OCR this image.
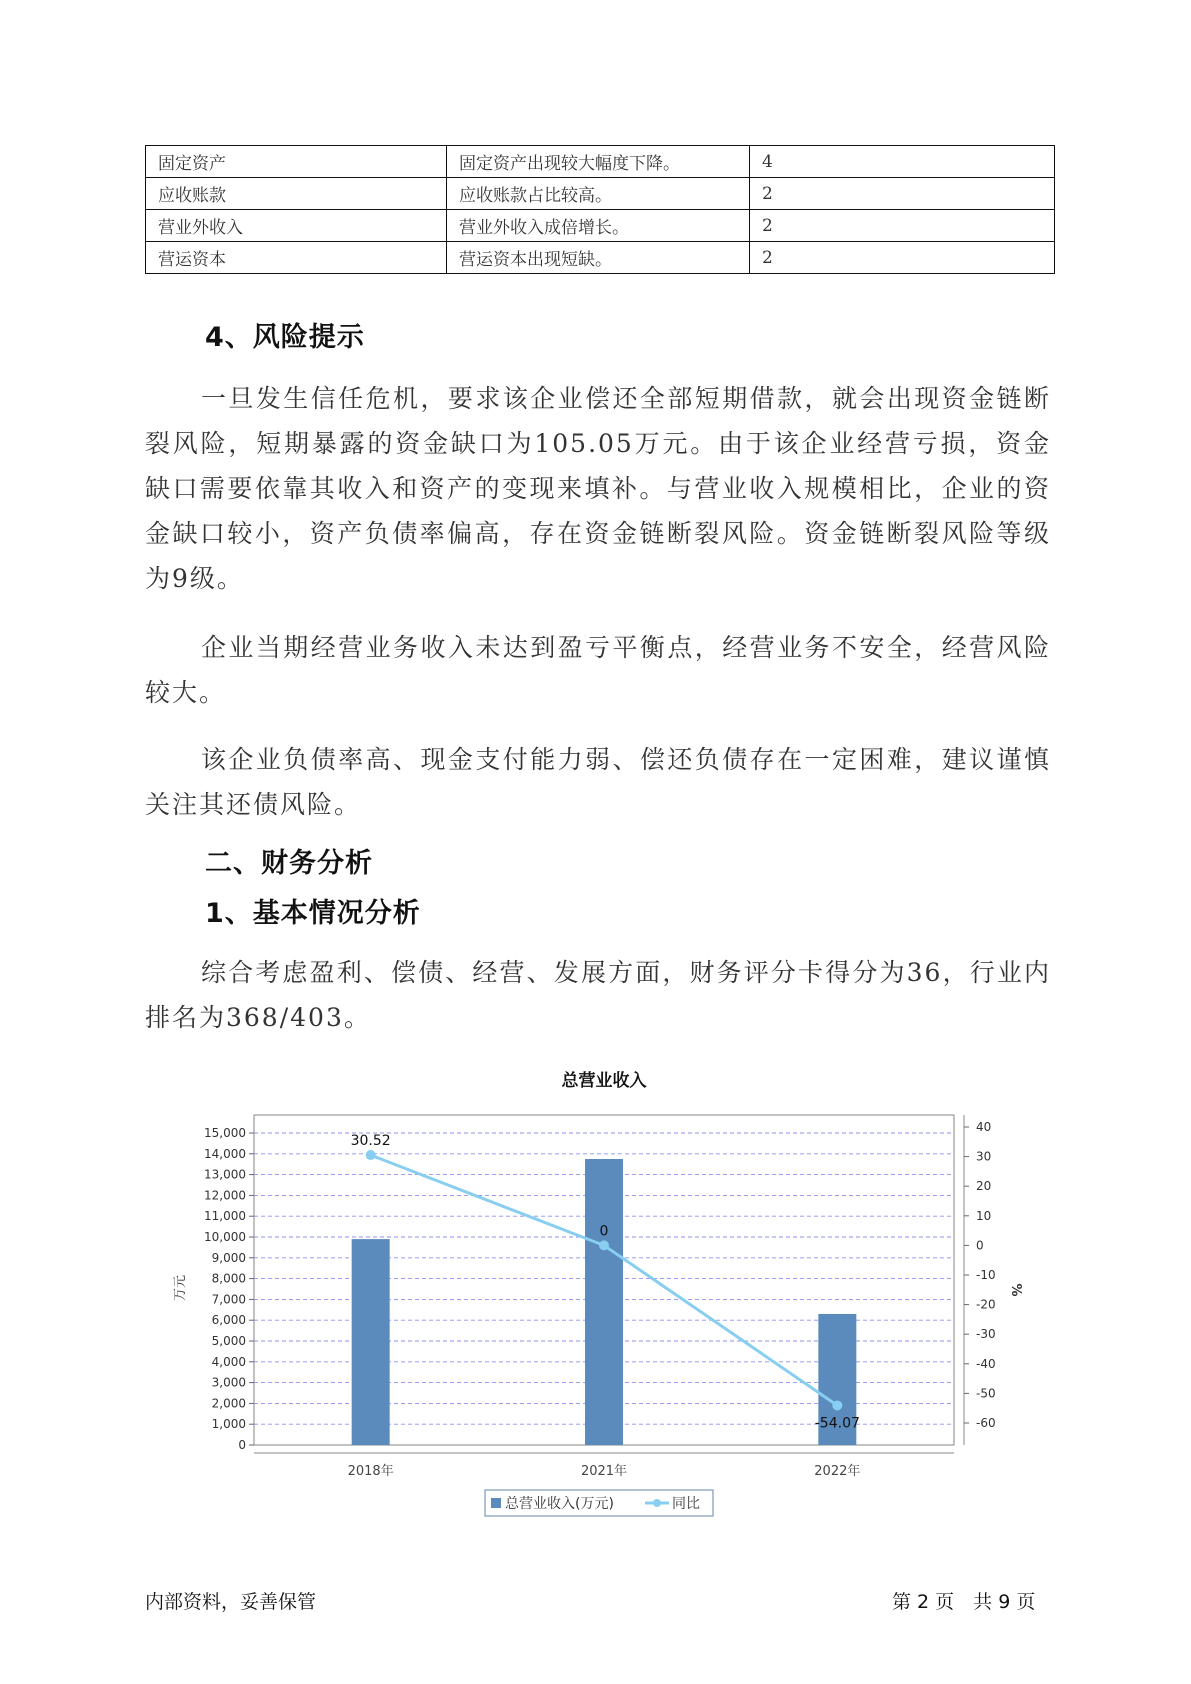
固定资产	固定资产出现较大幅度下降。	4
应收账款	应收账款占比较高。	2
营业外收入	营业外收入成倍增长。	2
营运资本	营运资本出现短缺。	2
4、风险提示

一旦发生信任危机，要求该企业偿还全部短期借款，就会出现资金链断裂风险，短期暴露的资金缺口为105.05万元。由于该企业经营亏损，资金缺口需要依靠其收入和资产的变现来填补。与营业收入规模相比，企业的资金缺口较小，资产负债率偏高，存在资金链断裂风险。资金链断裂风险等级为9级。

企业当期经营业务收入未达到盈亏平衡点，经营业务不安全，经营风险较大。

该企业负债率高、现金支付能力弱、偿还负债存在一定困难，建议谨慎关注其还债风险。

二、财务分析
1、基本情况分析

综合考虑盈利、偿债、经营、发展方面，财务评分卡得分为36，行业内排名为368/403。

总营业收入
0
1,000
2,000
3,000
4,000
5,000
6,000
7,000
8,000
9,000
10,000
11,000
12,000
13,000
14,000
15,000
-60
-50
-40
-30
-20
-10
0
10
20
30
40
万元	%
2018年	2021年	2022年
30.52
0
-54.07
总营业收入(万元)	同比
内部资料，妥善保管	第 2 页　共 9 页
